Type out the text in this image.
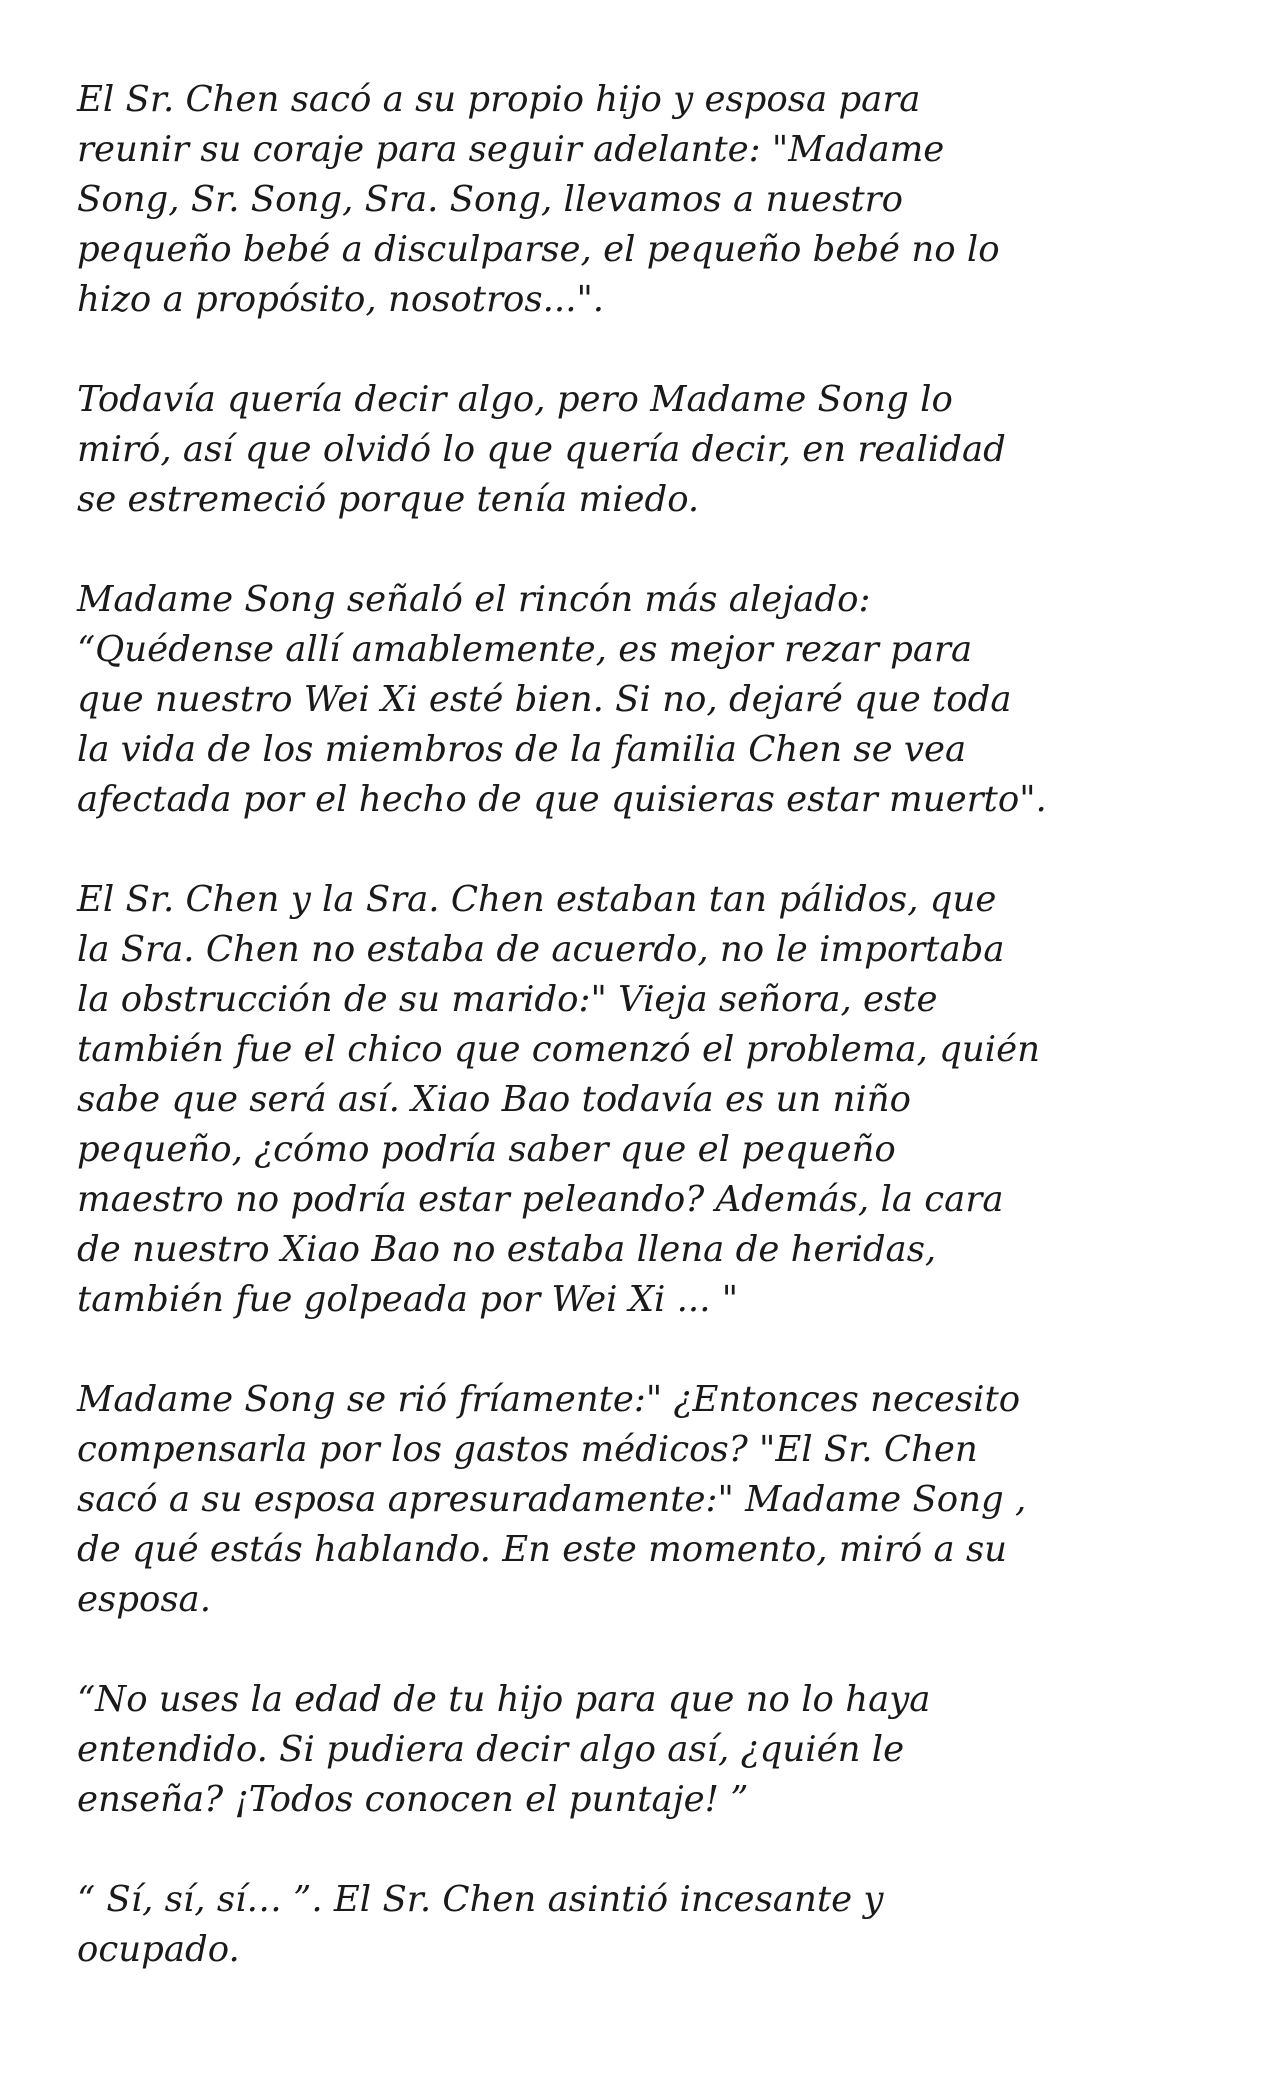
El Sr. Chen sacó a su propio hijo y esposa para
reunir su coraje para seguir adelante: "Madame
Song, Sr. Song, Sra. Song, llevamos a nuestro
pequeño bebé a disculparse, el pequeño bebé no lo
hizo a propósito, nosotros...".

Todavía quería decir algo, pero Madame Song lo
miró, así que olvidó lo que quería decir, en realidad
se estremeció porque tenía miedo.

Madame Song señaló el rincón más alejado:
“Quédense allí amablemente, es mejor rezar para
que nuestro Wei Xi esté bien. Si no, dejaré que toda
la vida de los miembros de la familia Chen se vea
afectada por el hecho de que quisieras estar muerto".

El Sr. Chen y la Sra. Chen estaban tan pálidos, que
la Sra. Chen no estaba de acuerdo, no le importaba
la obstrucción de su marido:" Vieja señora, este
también fue el chico que comenzó el problema, quién
sabe que será así. Xiao Bao todavía es un niño
pequeño, ¿cómo podría saber que el pequeño
maestro no podría estar peleando? Además, la cara
de nuestro Xiao Bao no estaba llena de heridas,
también fue golpeada por Wei Xi ... "

Madame Song se rió fríamente:" ¿Entonces necesito
compensarla por los gastos médicos? "El Sr. Chen
sacó a su esposa apresuradamente:" Madame Song ,
de qué estás hablando. En este momento, miró a su
esposa.

“No uses la edad de tu hijo para que no lo haya
entendido. Si pudiera decir algo así, ¿quién le
enseña? ¡Todos conocen el puntaje! ”

“ Sí, sí, sí… ”. El Sr. Chen asintió incesante y
ocupado.
